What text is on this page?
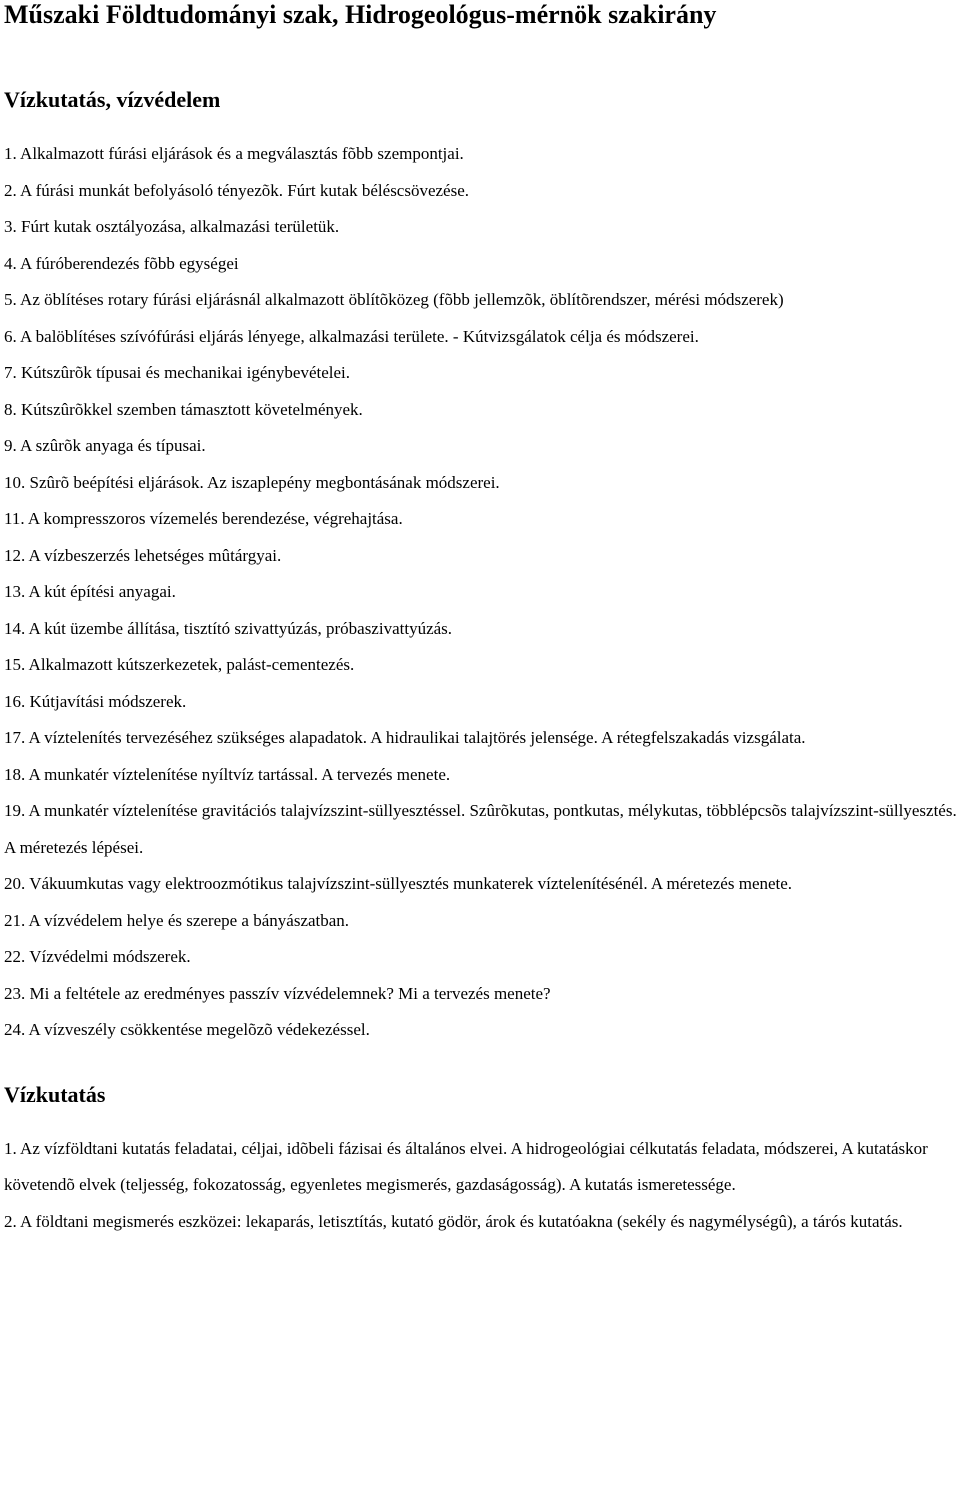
Műszaki Földtudományi szak, Hidrogeológus-mérnök szakirány
Vízkutatás, vízvédelem
1. Alkalmazott fúrási eljárások és a megválasztás fõbb szempontjai.
2. A fúrási munkát befolyásoló tényezõk. Fúrt kutak béléscsövezése.
3. Fúrt kutak osztályozása, alkalmazási területük.
4. A fúróberendezés fõbb egységei
5. Az öblítéses rotary fúrási eljárásnál alkalmazott öblítõközeg (fõbb jellemzõk, öblítõrendszer, mérési módszerek)
6. A balöblítéses szívófúrási eljárás lényege, alkalmazási területe. - Kútvizsgálatok célja és módszerei.
7. Kútszûrõk típusai és mechanikai igénybevételei.
8. Kútszûrõkkel szemben támasztott követelmények.
9. A szûrõk anyaga és típusai.
10. Szûrõ beépítési eljárások. Az iszaplepény megbontásának módszerei.
11. A kompresszoros vízemelés berendezése, végrehajtása.
12. A vízbeszerzés lehetséges mûtárgyai.
13. A kút építési anyagai.
14. A kút üzembe állítása, tisztító szivattyúzás, próbaszivattyúzás.
15. Alkalmazott kútszerkezetek, palást-cementezés.
16. Kútjavítási módszerek.
17. A víztelenítés tervezéséhez szükséges alapadatok. A hidraulikai talajtörés jelensége. A rétegfelszakadás vizsgálata.
18. A munkatér víztelenítése nyíltvíz tartással. A tervezés menete.
19. A munkatér víztelenítése gravitációs talajvízszint-süllyesztéssel. Szûrõkutas, pontkutas, mélykutas, többlépcsõs talajvízszint-süllyesztés. A méretezés lépései.
20. Vákuumkutas vagy elektroozmótikus talajvízszint-süllyesztés munkaterek víztelenítésénél. A méretezés menete.
21. A vízvédelem helye és szerepe a bányászatban.
22. Vízvédelmi módszerek.
23. Mi a feltétele az eredményes passzív vízvédelemnek? Mi a tervezés menete?
24. A vízveszély csökkentése megelõzõ védekezéssel.
Vízkutatás
1. Az vízföldtani kutatás feladatai, céljai, idõbeli fázisai és általános elvei. A hidrogeológiai célkutatás feladata, módszerei, A kutatáskor követendõ elvek (teljesség, fokozatosság, egyenletes megismerés, gazdaságosság). A kutatás ismeretessége.
2. A földtani megismerés eszközei: lekaparás, letisztítás, kutató gödör, árok és kutatóakna (sekély és nagymélységû), a tárós kutatás.
